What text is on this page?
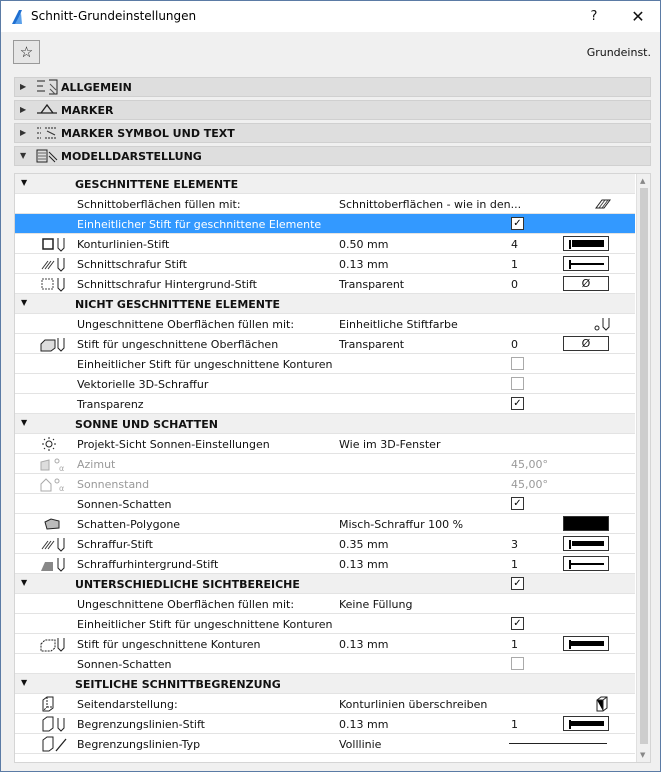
Schnitt-Grundeinstellungen	?	✕
☆	Grundeinst.
▶	ALLGEMEIN
▶	MARKER
▶	MARKER SYMBOL UND TEXT
▼	MODELLDARSTELLUNG
▼	GESCHNITTENE ELEMENTE
Schnittoberflächen füllen mit:	Schnittoberflächen - wie in den...
Einheitlicher Stift für geschnittene Elemente	✓
Konturlinien-Stift	0.50 mm	4
Schnittschrafur Stift	0.13 mm	1
Schnittschrafur Hintergrund-Stift	Transparent	0	Ø
▼	NICHT GESCHNITTENE ELEMENTE
Ungeschnittene Oberflächen füllen mit:	Einheitliche Stiftfarbe
Stift für ungeschnittene Oberflächen	Transparent	0	Ø
Einheitlicher Stift für ungeschnittene Konturen
Vektorielle 3D-Schraffur
Transparenz	✓
▼	SONNE UND SCHATTEN
Projekt-Sicht Sonnen-Einstellungen	Wie im 3D-Fenster
α Azimut	45,00°
α Sonnenstand	45,00°
Sonnen-Schatten	✓
Schatten-Polygone	Misch-Schraffur 100 %
Schraffur-Stift	0.35 mm	3
Schraffurhintergrund-Stift	0.13 mm	1
▼	UNTERSCHIEDLICHE SICHTBEREICHE	✓
Ungeschnittene Oberflächen füllen mit:	Keine Füllung
Einheitlicher Stift für ungeschnittene Konturen	✓
Stift für ungeschnittene Konturen	0.13 mm	1
Sonnen-Schatten
▼	SEITLICHE SCHNITTBEGRENZUNG
Seitendarstellung:	Konturlinien überschreiben
Begrenzungslinien-Stift	0.13 mm	1
Begrenzungslinien-Typ	Volllinie
▲
▼
